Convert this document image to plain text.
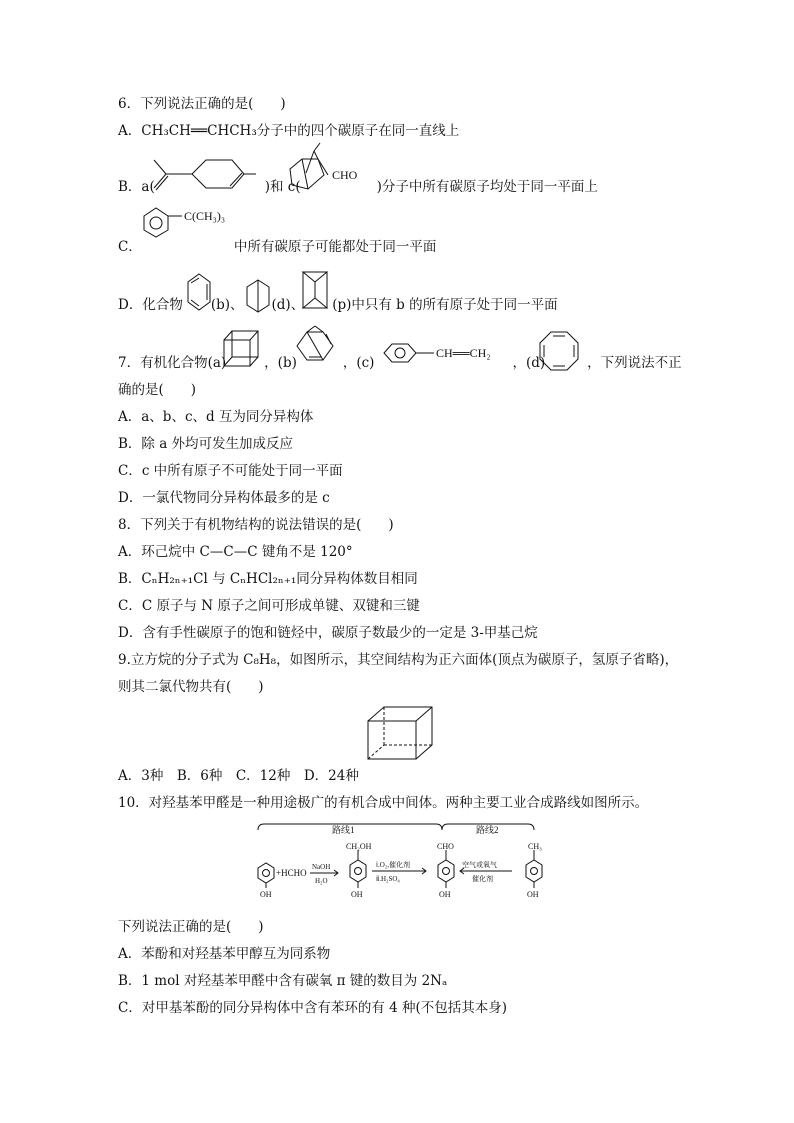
6．下列说法正确的是(　　)
A．CH₃CH══CHCH₃分子中的四个碳原子在同一直线上
B．a(	)和 c(	)分子中所有碳原子均处于同一平面上
CHO
C．	中所有碳原子可能都处于同一平面
C(CH₃)₃
D．化合物 (b)、 (d)、 (p)中只有 b 的所有原子处于同一平面
7．有机化合物(a)	，(b)	，(c)	，(d)	，下列说法不正
CH══CH₂
确的是(　　)
A．a、b、c、d 互为同分异构体
B．除 a 外均可发生加成反应
C．c 中所有原子不可能处于同一平面
D．一氯代物同分异构体最多的是 c
8．下列关于有机物结构的说法错误的是(　　)
A．环己烷中 C—C—C 键角不是 120°
B．CₙH₂ₙ₊₁Cl 与 CₙHCl₂ₙ₊₁同分异构体数目相同
C．C 原子与 N 原子之间可形成单键、双键和三键
D．含有手性碳原子的饱和链烃中，碳原子数最少的一定是 3-甲基己烷
9.立方烷的分子式为 C₈H₈，如图所示，其空间结构为正六面体(顶点为碳原子，氢原子省略)，
则其二氯代物共有(　　)
A．3种　B．6种　C．12种　D．24种
10．对羟基苯甲醛是一种用途极广的有机合成中间体。两种主要工业合成路线如图所示。
路线1	路线2
OH
+HCHO
NaOH
H₂O
CH₂OH
OH
ⅰ.O₂,催化剂
ⅱ.H₂SO₄
CHO
OH
空气或氧气
催化剂
CH₃
OH
下列说法正确的是(　　)
A．苯酚和对羟基苯甲醇互为同系物
B．1 mol 对羟基苯甲醛中含有碳氧 π 键的数目为 2Nₐ
C．对甲基苯酚的同分异构体中含有苯环的有 4 种(不包括其本身)
